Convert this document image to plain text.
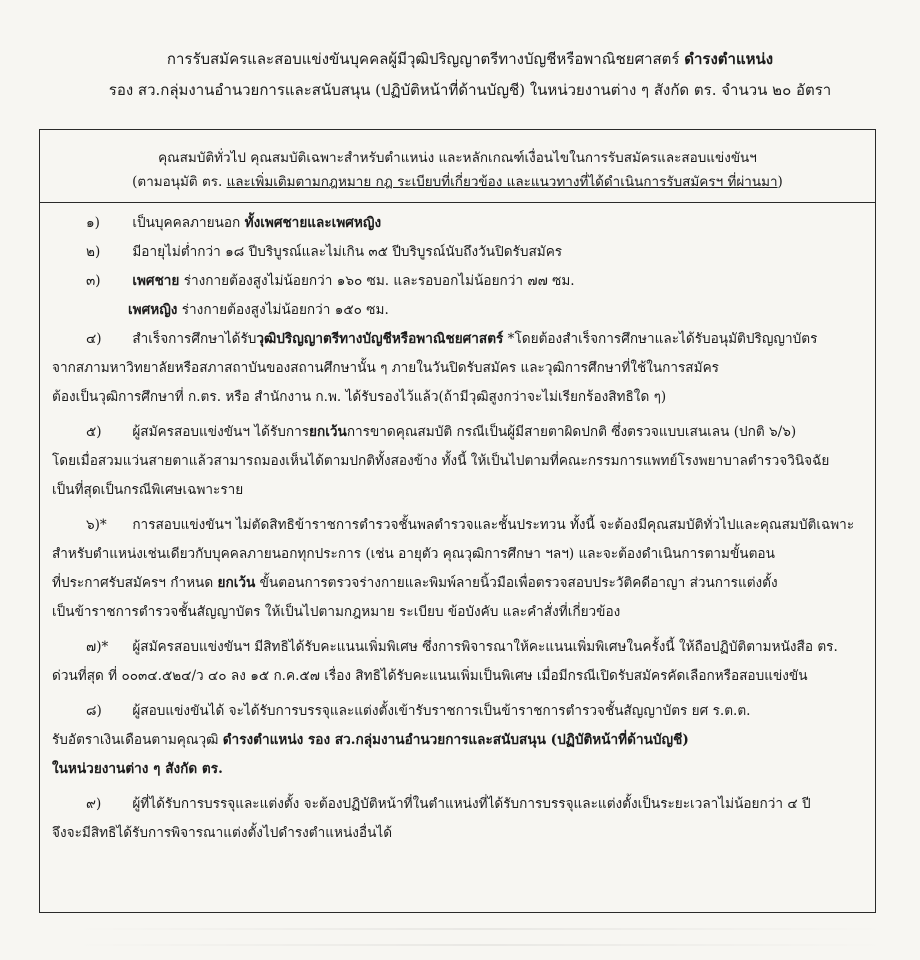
การรับสมัครและสอบแข่งขันบุคคลผู้มีวุฒิปริญญาตรีทางบัญชีหรือพาณิชยศาสตร์ ดำรงตำแหน่ง
รอง สว.กลุ่มงานอำนวยการและสนับสนุน (ปฏิบัติหน้าที่ด้านบัญชี) ในหน่วยงานต่าง ๆ สังกัด ตร. จำนวน ๒๐ อัตรา
คุณสมบัติทั่วไป คุณสมบัติเฉพาะสำหรับตำแหน่ง และหลักเกณฑ์เงื่อนไขในการรับสมัครและสอบแข่งขันฯ
(ตามอนุมัติ ตร. และเพิ่มเติมตามกฎหมาย กฎ ระเบียบที่เกี่ยวข้อง และแนวทางที่ได้ดำเนินการรับสมัครฯ ที่ผ่านมา)
๑) เป็นบุคคลภายนอก ทั้งเพศชายและเพศหญิง
๒) มีอายุไม่ต่ำกว่า ๑๘ ปีบริบูรณ์และไม่เกิน ๓๕ ปีบริบูรณ์นับถึงวันปิดรับสมัคร
๓) เพศชาย ร่างกายต้องสูงไม่น้อยกว่า ๑๖๐ ซม. และรอบอกไม่น้อยกว่า ๗๗ ซม.
เพศหญิง ร่างกายต้องสูงไม่น้อยกว่า ๑๕๐ ซม.
๔) สำเร็จการศึกษาได้รับวุฒิปริญญาตรีทางบัญชีหรือพาณิชยศาสตร์ *โดยต้องสำเร็จการศึกษาและได้รับอนุมัติปริญญาบัตร
จากสภามหาวิทยาลัยหรือสภาสถาบันของสถานศึกษานั้น ๆ ภายในวันปิดรับสมัคร และวุฒิการศึกษาที่ใช้ในการสมัคร
ต้องเป็นวุฒิการศึกษาที่ ก.ตร. หรือ สำนักงาน ก.พ. ได้รับรองไว้แล้ว(ถ้ามีวุฒิสูงกว่าจะไม่เรียกร้องสิทธิใด ๆ)
๕) ผู้สมัครสอบแข่งขันฯ ได้รับการยกเว้นการขาดคุณสมบัติ กรณีเป็นผู้มีสายตาผิดปกติ ซึ่งตรวจแบบเสนเลน (ปกติ ๖/๖)
โดยเมื่อสวมแว่นสายตาแล้วสามารถมองเห็นได้ตามปกติทั้งสองข้าง ทั้งนี้ ให้เป็นไปตามที่คณะกรรมการแพทย์โรงพยาบาลตำรวจวินิจฉัย
เป็นที่สุดเป็นกรณีพิเศษเฉพาะราย
๖)* การสอบแข่งขันฯ ไม่ตัดสิทธิข้าราชการตำรวจชั้นพลตำรวจและชั้นประทวน ทั้งนี้ จะต้องมีคุณสมบัติทั่วไปและคุณสมบัติเฉพาะ
สำหรับตำแหน่งเช่นเดียวกับบุคคลภายนอกทุกประการ (เช่น อายุตัว คุณวุฒิการศึกษา ฯลฯ) และจะต้องดำเนินการตามขั้นตอน
ที่ประกาศรับสมัครฯ กำหนด ยกเว้น ขั้นตอนการตรวจร่างกายและพิมพ์ลายนิ้วมือเพื่อตรวจสอบประวัติคดีอาญา ส่วนการแต่งตั้ง
เป็นข้าราชการตำรวจชั้นสัญญาบัตร ให้เป็นไปตามกฎหมาย ระเบียบ ข้อบังคับ และคำสั่งที่เกี่ยวข้อง
๗)* ผู้สมัครสอบแข่งขันฯ มีสิทธิได้รับคะแนนเพิ่มพิเศษ ซึ่งการพิจารณาให้คะแนนเพิ่มพิเศษในครั้งนี้ ให้ถือปฏิบัติตามหนังสือ ตร.
ด่วนที่สุด ที่ ๐๐๓๔.๕๒๔/ว ๔๐ ลง ๑๕ ก.ค.๕๗ เรื่อง สิทธิได้รับคะแนนเพิ่มเป็นพิเศษ เมื่อมีกรณีเปิดรับสมัครคัดเลือกหรือสอบแข่งขัน
๘) ผู้สอบแข่งขันได้ จะได้รับการบรรจุและแต่งตั้งเข้ารับราชการเป็นข้าราชการตำรวจชั้นสัญญาบัตร ยศ ร.ต.ต.
รับอัตราเงินเดือนตามคุณวุฒิ ดำรงตำแหน่ง รอง สว.กลุ่มงานอำนวยการและสนับสนุน (ปฏิบัติหน้าที่ด้านบัญชี)
ในหน่วยงานต่าง ๆ สังกัด ตร.
๙) ผู้ที่ได้รับการบรรจุและแต่งตั้ง จะต้องปฏิบัติหน้าที่ในตำแหน่งที่ได้รับการบรรจุและแต่งตั้งเป็นระยะเวลาไม่น้อยกว่า ๔ ปี
จึงจะมีสิทธิได้รับการพิจารณาแต่งตั้งไปดำรงตำแหน่งอื่นได้
